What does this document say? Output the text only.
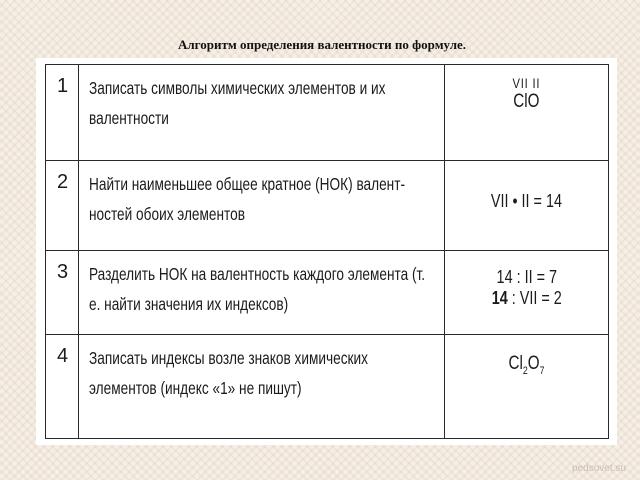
Алгоритм определения валентности по формуле.
1	Записать символы химических элементов и их валентности	VII II
ClO

2	Найти наименьшее общее кратное (НОК) валент-ностей обоих элементов	VII • II = 14

3	Разделить НОК на валентность каждого элемента (т. е. найти значения их индексов)	14 : II = 7
14 : VII = 2

4	Записать индексы возле знаков химических элементов (индекс «1» не пишут)	$Cl_2O_7$
pedsovet.su
